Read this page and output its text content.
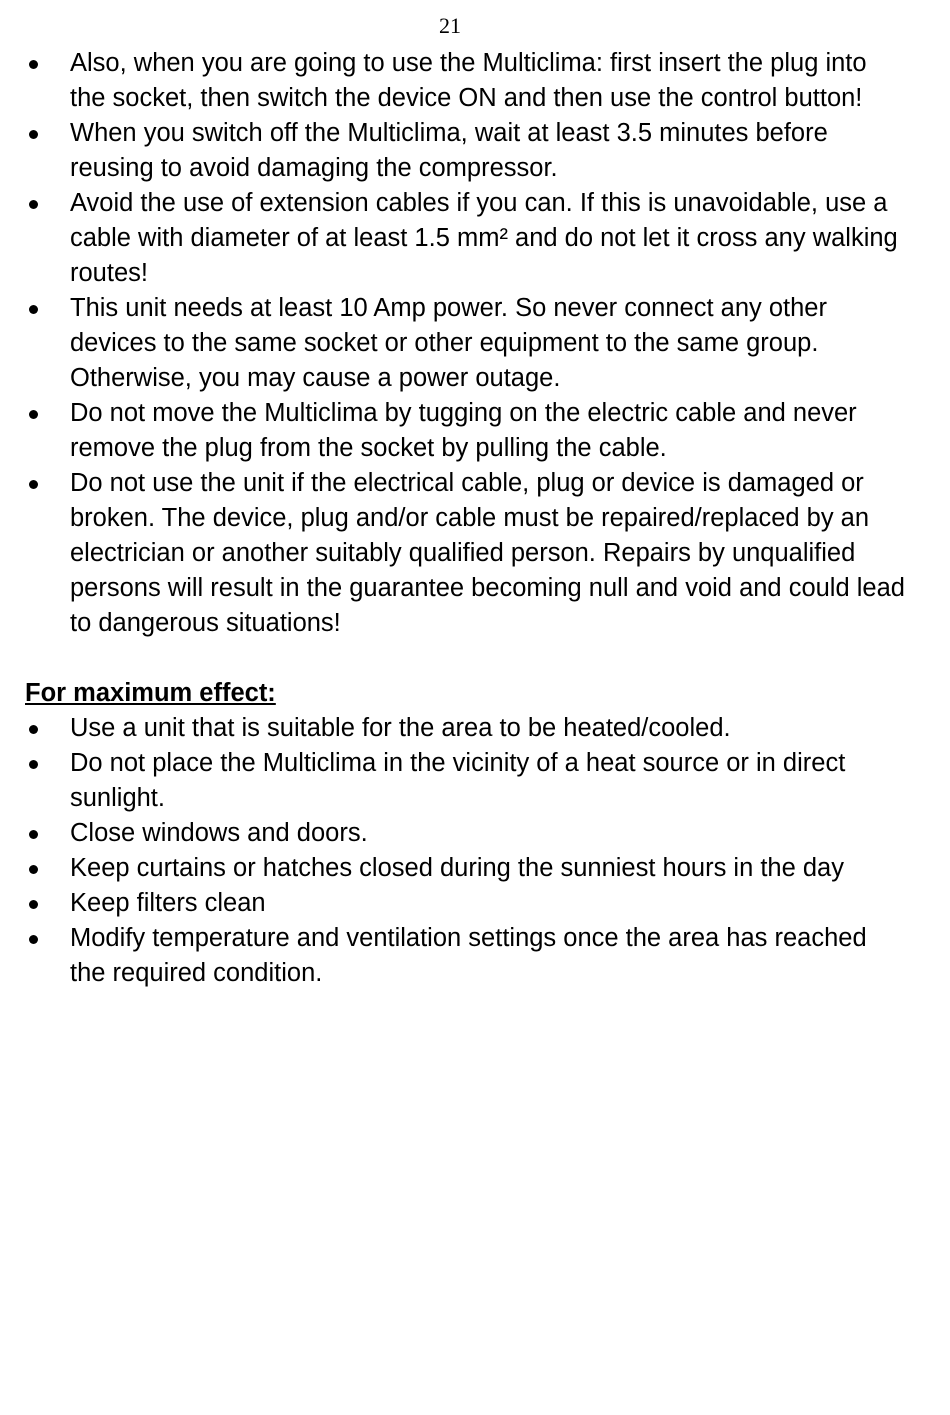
21
Also, when you are going to use the Multiclima: first insert the plug into the socket, then switch the device ON and then use the control button!
When you switch off the Multiclima, wait at least 3.5 minutes before reusing to avoid damaging the compressor.
Avoid the use of extension cables if you can. If this is unavoidable, use a cable with diameter of at least 1.5 mm² and do not let it cross any walking routes!
This unit needs at least 10 Amp power. So never connect any other devices to the same socket or other equipment to the same group. Otherwise, you may cause a power outage.
Do not move the Multiclima by tugging on the electric cable and never remove the plug from the socket by pulling the cable.
Do not use the unit if the electrical cable, plug or device is damaged or broken. The device, plug and/or cable must be repaired/replaced by an electrician or another suitably qualified person. Repairs by unqualified persons will result in the guarantee becoming null and void and could lead to dangerous situations!
For maximum effect:
Use a unit that is suitable for the area to be heated/cooled.
Do not place the Multiclima in the vicinity of a heat source or in direct sunlight.
Close windows and doors.
Keep curtains or hatches closed during the sunniest hours in the day
Keep filters clean
Modify temperature and ventilation settings once the area has reached the required condition.
